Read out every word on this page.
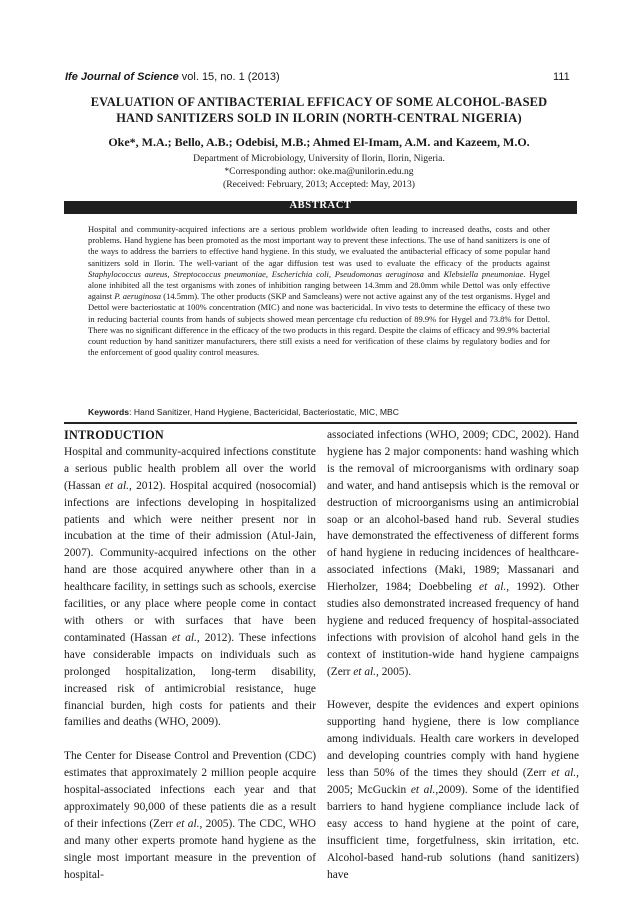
Ife Journal of Science vol. 15, no. 1 (2013)	111
EVALUATION OF ANTIBACTERIAL EFFICACY OF SOME ALCOHOL-BASED
HAND SANITIZERS SOLD IN ILORIN (NORTH-CENTRAL NIGERIA)
Oke*, M.A.; Bello, A.B.; Odebisi, M.B.; Ahmed El-Imam, A.M. and Kazeem, M.O.
Department of Microbiology, University of Ilorin, Ilorin, Nigeria.
*Corresponding author: oke.ma@unilorin.edu.ng
(Received: February, 2013; Accepted: May, 2013)
ABSTRACT
Hospital and community-acquired infections are a serious problem worldwide often leading to increased deaths, costs and other problems. Hand hygiene has been promoted as the most important way to prevent these infections. The use of hand sanitizers is one of the ways to address the barriers to effective hand hygiene. In this study, we evaluated the antibacterial efficacy of some popular hand sanitizers sold in Ilorin. The well-variant of the agar diffusion test was used to evaluate the efficacy of the products against Staphylococcus aureus, Streptococcus pneumoniae, Escherichia coli, Pseudomonas aeruginosa and Klebsiella pneumoniae. Hygel alone inhibited all the test organisms with zones of inhibition ranging between 14.3mm and 28.0mm while Dettol was only effective against P. aeruginosa (14.5mm). The other products (SKP and Samcleans) were not active against any of the test organisms. Hygel and Dettol were bacteriostatic at 100% concentration (MIC) and none was bactericidal. In vivo tests to determine the efficacy of these two in reducing bacterial counts from hands of subjects showed mean percentage cfu reduction of 89.9% for Hygel and 73.8% for Dettol. There was no significant difference in the efficacy of the two products in this regard. Despite the claims of efficacy and 99.9% bacterial count reduction by hand sanitizer manufacturers, there still exists a need for verification of these claims by regulatory bodies and for the enforcement of good quality control measures.
Keywords: Hand Sanitizer, Hand Hygiene, Bactericidal, Bacteriostatic, MIC, MBC
INTRODUCTION

Hospital and community-acquired infections constitute a serious public health problem all over the world (Hassan et al., 2012). Hospital acquired (nosocomial) infections are infections developing in hospitalized patients and which were neither present nor in incubation at the time of their admission (Atul-Jain, 2007). Community-acquired infections on the other hand are those acquired anywhere other than in a healthcare facility, in settings such as schools, exercise facilities, or any place where people come in contact with others or with surfaces that have been contaminated (Hassan et al., 2012). These infections have considerable impacts on individuals such as prolonged hospitalization, long-term disability, increased risk of antimicrobial resistance, huge financial burden, high costs for patients and their families and deaths (WHO, 2009).

The Center for Disease Control and Prevention (CDC) estimates that approximately 2 million people acquire hospital-associated infections each year and that approximately 90,000 of these patients die as a result of their infections (Zerr et al., 2005). The CDC, WHO and many other experts promote hand hygiene as the single most important measure in the prevention of hospital-

associated infections (WHO, 2009; CDC, 2002). Hand hygiene has 2 major components: hand washing which is the removal of microorganisms with ordinary soap and water, and hand antisepsis which is the removal or destruction of microorganisms using an antimicrobial soap or an alcohol-based hand rub. Several studies have demonstrated the effectiveness of different forms of hand hygiene in reducing incidences of healthcare-associated infections (Maki, 1989; Massanari and Hierholzer, 1984; Doebbeling et al., 1992). Other studies also demonstrated increased frequency of hand hygiene and reduced frequency of hospital-associated infections with provision of alcohol hand gels in the context of institution-wide hand hygiene campaigns (Zerr et al., 2005).

However, despite the evidences and expert opinions supporting hand hygiene, there is low compliance among individuals. Health care workers in developed and developing countries comply with hand hygiene less than 50% of the times they should (Zerr et al., 2005; McGuckin et al.,2009). Some of the identified barriers to hand hygiene compliance include lack of easy access to hand hygiene at the point of care, insufficient time, forgetfulness, skin irritation, etc. Alcohol-based hand-rub solutions (hand sanitizers) have
